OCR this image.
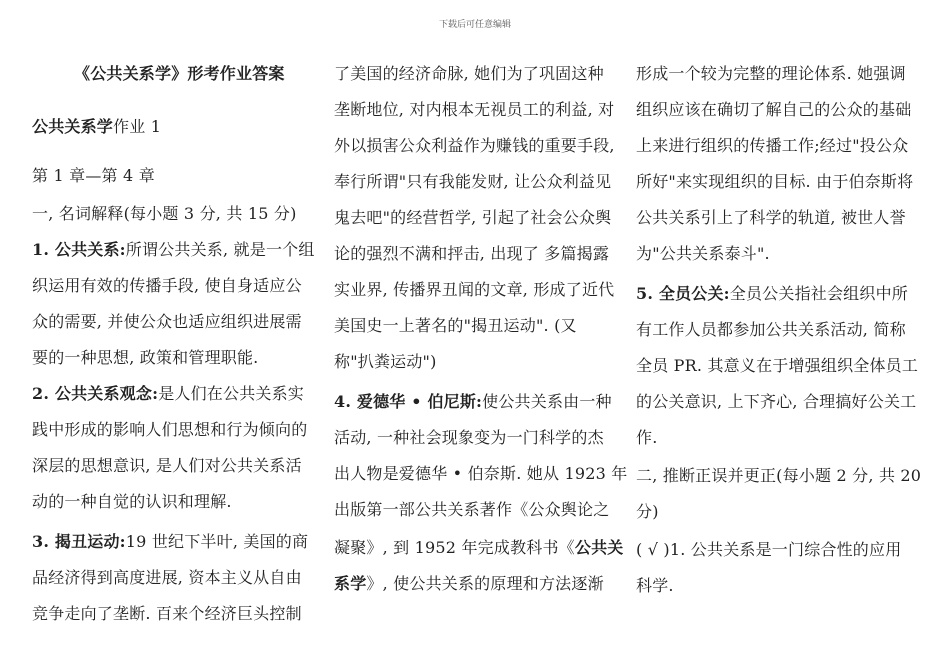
下载后可任意编辑
《公共关系学》形考作业答案
公共关系学作业 1
第 1 章—第 4 章
一, 名词解释(每小题 3 分, 共 15 分)
1. 公共关系:所谓公共关系, 就是一个组
织运用有效的传播手段, 使自身适应公
众的需要, 并使公众也适应组织进展需
要的一种思想, 政策和管理职能.
2. 公共关系观念:是人们在公共关系实
践中形成的影响人们思想和行为倾向的
深层的思想意识, 是人们对公共关系活
动的一种自觉的认识和理解.
3. 揭丑运动:19 世纪下半叶, 美国的商
品经济得到高度进展, 资本主义从自由
竞争走向了垄断. 百来个经济巨头控制
了美国的经济命脉, 她们为了巩固这种
垄断地位, 对内根本无视员工的利益, 对
外以损害公众利益作为赚钱的重要手段,
奉行所谓"只有我能发财, 让公众利益见
鬼去吧"的经营哲学, 引起了社会公众舆
论的强烈不满和抨击, 出现了 多篇揭露
实业界, 传播界丑闻的文章, 形成了近代
美国史一上著名的"揭丑运动". (又
称"扒粪运动")
4. 爱德华 • 伯尼斯:使公共关系由一种
活动, 一种社会现象变为一门科学的杰
出人物是爱德华 • 伯奈斯. 她从 1923 年
出版第一部公共关系著作《公众舆论之
凝聚》, 到 1952 年完成教科书《公共关
系学》, 使公共关系的原理和方法逐渐
形成一个较为完整的理论体系. 她强调
组织应该在确切了解自己的公众的基础
上来进行组织的传播工作;经过"投公众
所好"来实现组织的目标. 由于伯奈斯将
公共关系引上了科学的轨道, 被世人誉
为"公共关系泰斗".
5. 全员公关:全员公关指社会组织中所
有工作人员都参加公共关系活动, 简称
全员 PR. 其意义在于增强组织全体员工
的公关意识, 上下齐心, 合理搞好公关工
作.
二, 推断正误并更正(每小题 2 分, 共 20
分)
( √ )1. 公共关系是一门综合性的应用
科学.
